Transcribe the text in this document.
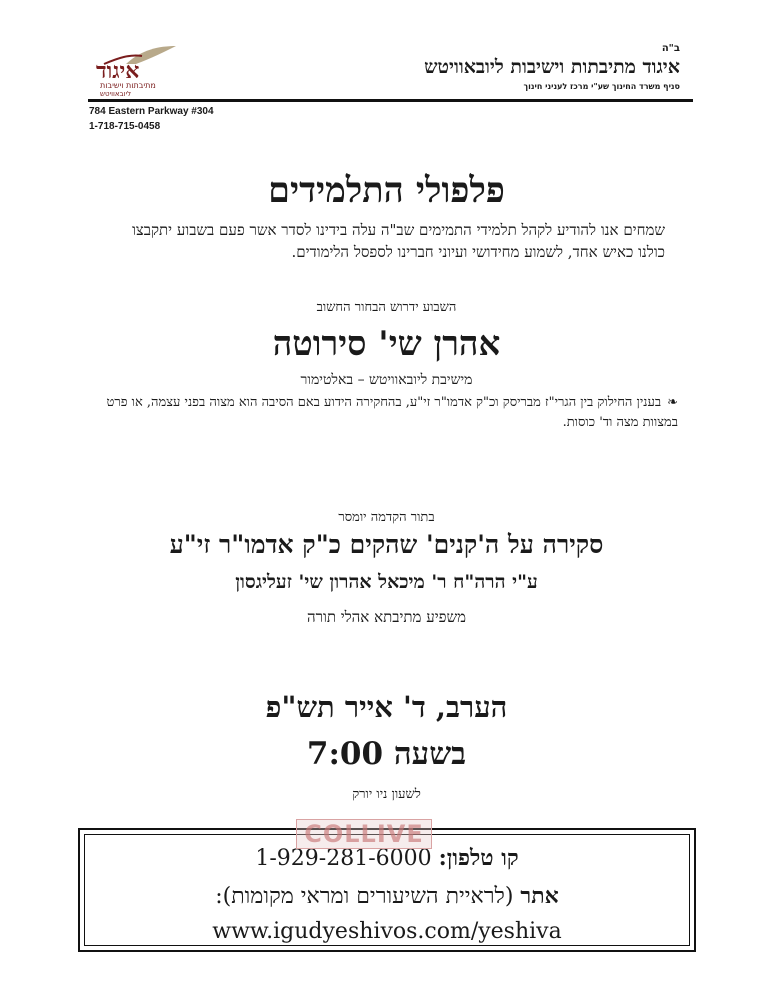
ב"ה
איגוד מתיבתות וישיבות ליובאוויטש
סניף משרד החינוך שע"י מרכז לעניני חינוך
איגוד
מתיבתות וישיבות
ליובאוויטש
784 Eastern Parkway #304
1-718-715-0458
פלפולי התלמידים
שמחים אנו להודיע לקהל תלמידי התמימים שב"ה עלה בידינו לסדר אשר פעם בשבוע יתקבצו כולנו כאיש אחד, לשמוע מחידושי ועיוני חברינו לספסל הלימודים.
השבוע ידרוש הבחור החשוב
אהרן שי' סירוטה
מישיבת ליובאוויטש – באלטימור
❧בענין החילוק בין הגרי"ז מבריסק וכ"ק אדמו"ר זי"ע, בהחקירה הידוע באם הסיבה הוא מצוה בפני עצמה, או פרט במצוות מצה וד' כוסות.
בתור הקדמה יומסר
סקירה על ה'קנים' שהקים כ"ק אדמו"ר זי"ע
ע"י הרה"ח ר' מיכאל אהרון שי' זעליגסון
משפיע מתיבתא אהלי תורה
הערב, ד' אייר תש"פ
בשעה 7:00
לשעון ניו יורק
קו טלפון: 1-929-281-6000
אתר (לראיית השיעורים ומראי מקומות):
www.igudyeshivos.com/yeshiva
COLLIVE
